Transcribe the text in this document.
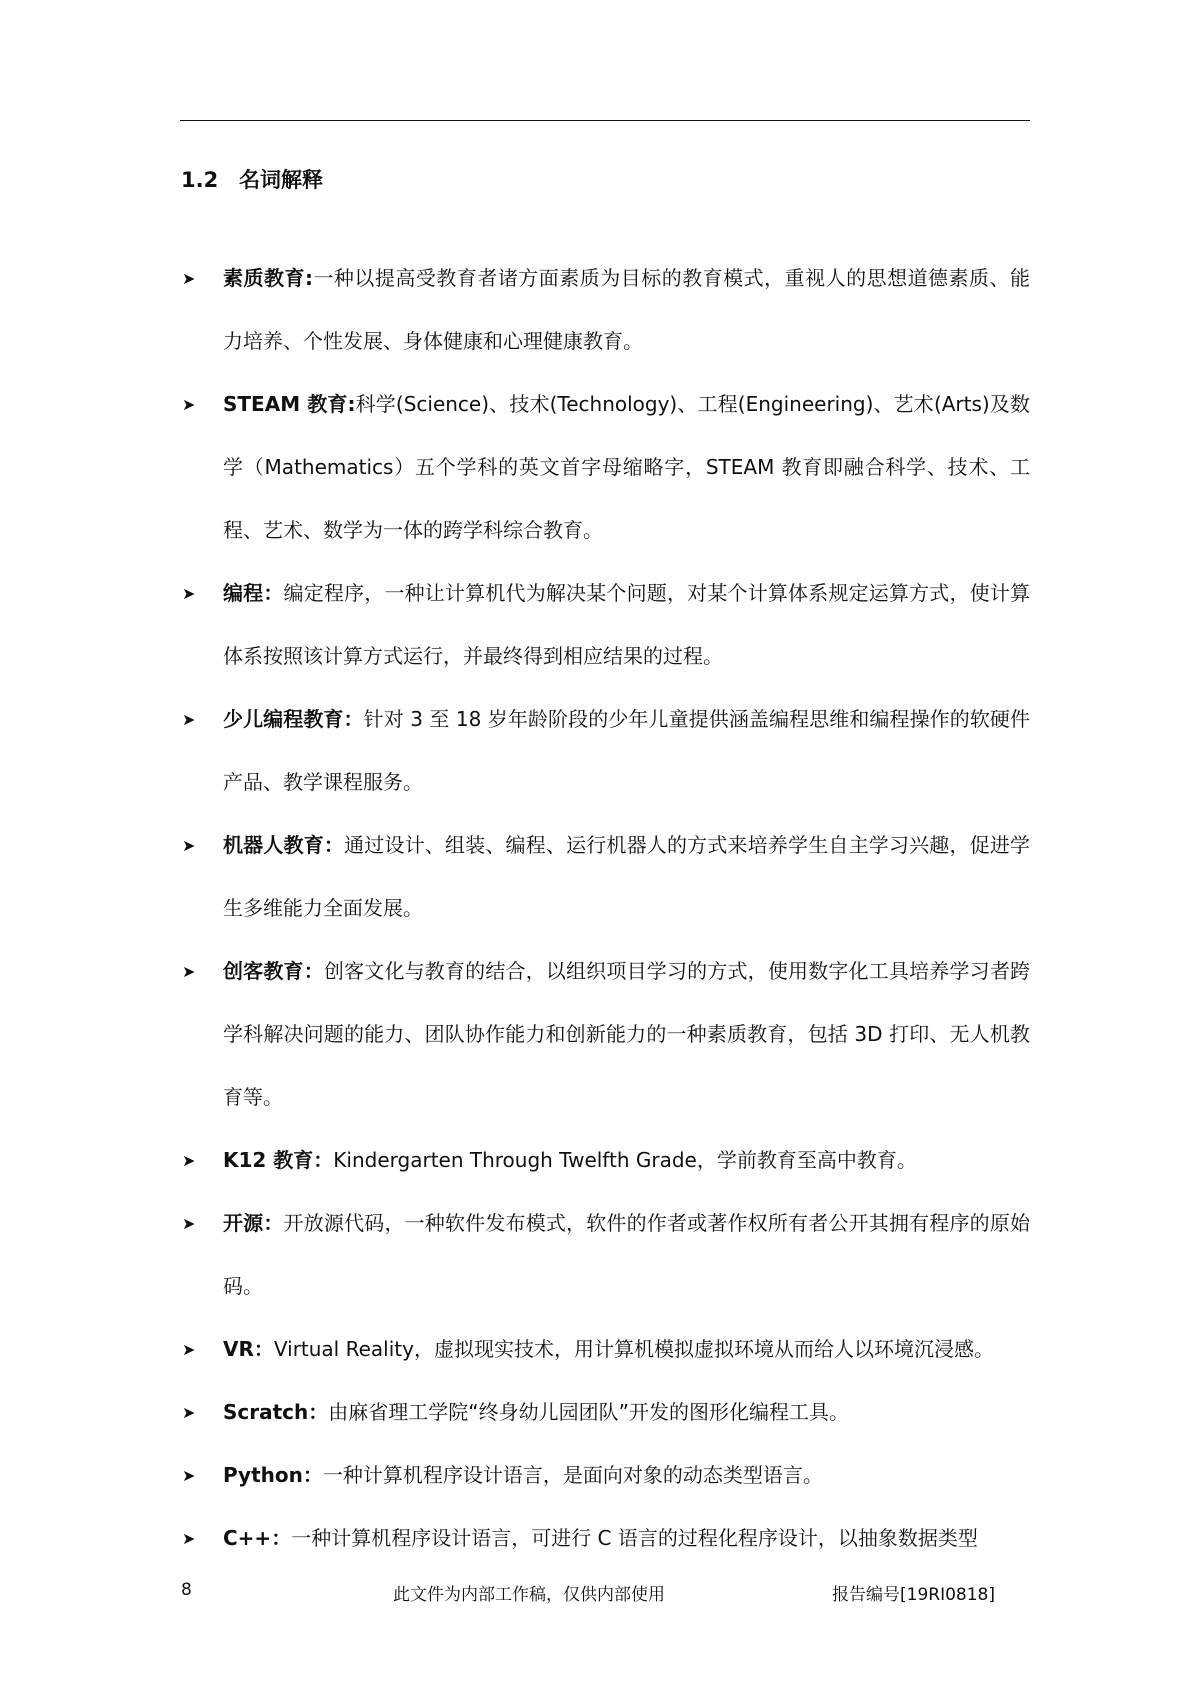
1.2 名词解释
➤ 素质教育:一种以提高受教育者诸方面素质为目标的教育模式，重视人的思想道德素质、能力培养、个性发展、身体健康和心理健康教育。
➤ STEAM 教育:科学(Science)、技术(Technology)、工程(Engineering)、艺术(Arts)及数学（Mathematics）五个学科的英文首字母缩略字，STEAM 教育即融合科学、技术、工程、艺术、数学为一体的跨学科综合教育。
➤ 编程：编定程序，一种让计算机代为解决某个问题，对某个计算体系规定运算方式，使计算体系按照该计算方式运行，并最终得到相应结果的过程。
➤ 少儿编程教育：针对 3 至 18 岁年龄阶段的少年儿童提供涵盖编程思维和编程操作的软硬件产品、教学课程服务。
➤ 机器人教育：通过设计、组装、编程、运行机器人的方式来培养学生自主学习兴趣，促进学生多维能力全面发展。
➤ 创客教育：创客文化与教育的结合，以组织项目学习的方式，使用数字化工具培养学习者跨学科解决问题的能力、团队协作能力和创新能力的一种素质教育，包括 3D 打印、无人机教育等。
➤ K12 教育：Kindergarten Through Twelfth Grade，学前教育至高中教育。
➤ 开源：开放源代码，一种软件发布模式，软件的作者或著作权所有者公开其拥有程序的原始码。
➤ VR：Virtual Reality，虚拟现实技术，用计算机模拟虚拟环境从而给人以环境沉浸感。
➤ Scratch：由麻省理工学院“终身幼儿园团队”开发的图形化编程工具。
➤ Python：一种计算机程序设计语言，是面向对象的动态类型语言。
➤ C++：一种计算机程序设计语言，可进行 C 语言的过程化程序设计，以抽象数据类型
8	此文件为内部工作稿，仅供内部使用	报告编号[19RI0818]
